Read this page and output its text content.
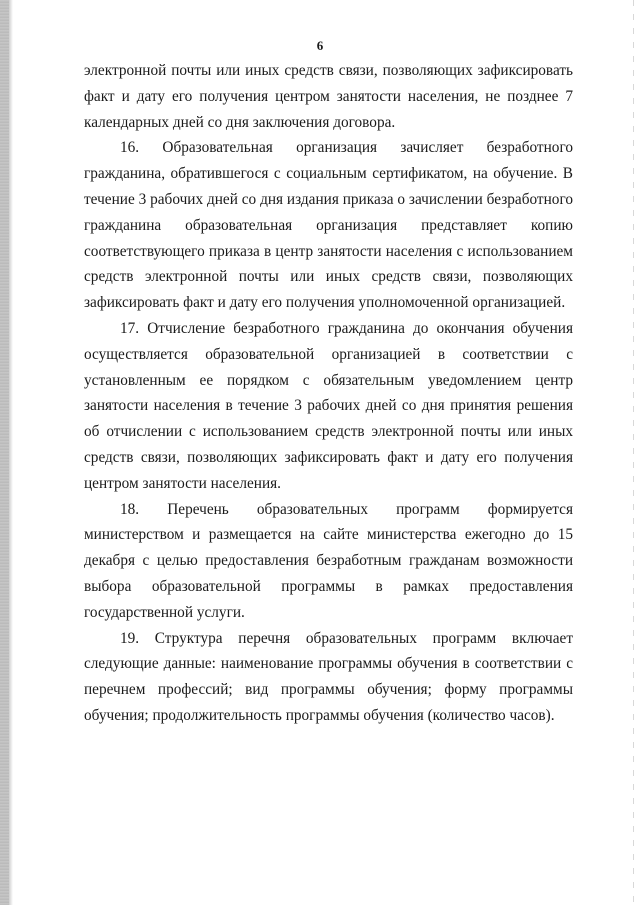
6

электронной почты или иных средств связи, позволяющих зафиксировать факт и дату его получения центром занятости населения, не позднее 7 календарных дней со дня заключения договора.

16. Образовательная организация зачисляет безработного гражданина, обратившегося с социальным сертификатом, на обучение. В течение 3 рабочих дней со дня издания приказа о зачислении безработного гражданина образовательная организация представляет копию соответствующего приказа в центр занятости населения с использованием средств электронной почты или иных средств связи, позволяющих зафиксировать факт и дату его получения уполномоченной организацией.

17. Отчисление безработного гражданина до окончания обучения осуществляется образовательной организацией в соответствии с установленным ее порядком с обязательным уведомлением центр занятости населения в течение 3 рабочих дней со дня принятия решения об отчислении с использованием средств электронной почты или иных средств связи, позволяющих зафиксировать факт и дату его получения центром занятости населения.

18. Перечень образовательных программ формируется министерством и размещается на сайте министерства ежегодно до 15 декабря с целью предоставления безработным гражданам возможности выбора образовательной программы в рамках предоставления государственной услуги.

19. Структура перечня образовательных программ включает следующие данные: наименование программы обучения в соответствии с перечнем профессий; вид программы обучения; форму программы обучения; продолжительность программы обучения (количество часов).
